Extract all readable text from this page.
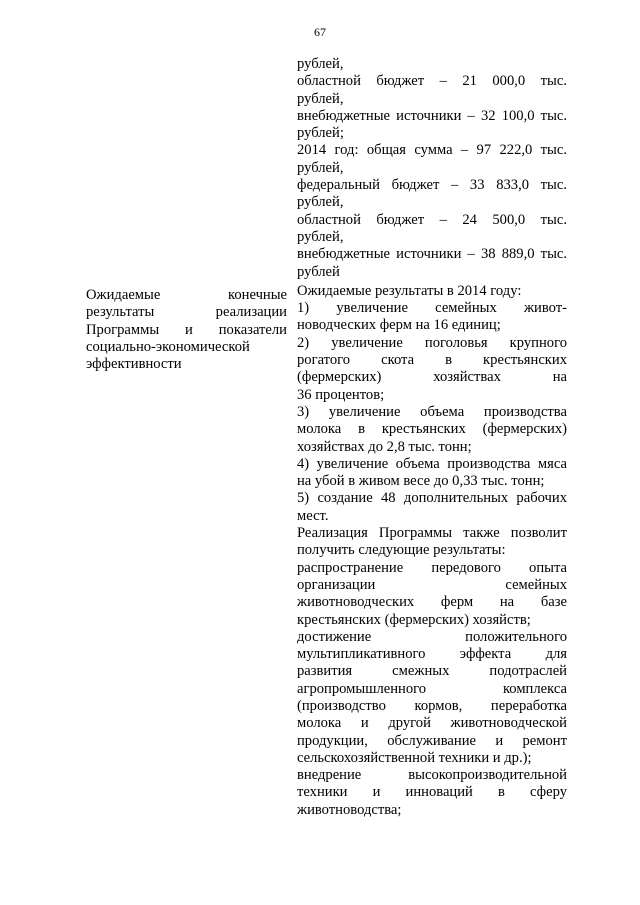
67
Ожидаемые конечные
результаты реализации
Программы и показатели
социально-экономической
эффективности
рублей,
областной бюджет – 21 000,0 тыс.
рублей,
внебюджетные источники – 32 100,0 тыс.
рублей;
2014 год: общая сумма – 97 222,0 тыс.
рублей,
федеральный бюджет – 33 833,0 тыс.
рублей,
областной бюджет – 24 500,0 тыс.
рублей,
внебюджетные источники – 38 889,0 тыс.
рублей
Ожидаемые результаты в 2014 году:
1) увеличение семейных живот-
новодческих ферм на 16 единиц;
2) увеличение поголовья крупного
рогатого скота в крестьянских
(фермерских) хозяйствах на
36 процентов;
3) увеличение объема производства
молока в крестьянских (фермерских)
хозяйствах до 2,8 тыс. тонн;
4) увеличение объема производства мяса
на убой в живом весе до 0,33 тыс. тонн;
5) создание 48 дополнительных рабочих
мест.
Реализация Программы также позволит
получить следующие результаты:
распространение передового опыта
организации семейных
животноводческих ферм на базе
крестьянских (фермерских) хозяйств;
достижение положительного
мультипликативного эффекта для
развития смежных подотраслей
агропромышленного комплекса
(производство кормов, переработка
молока и другой животноводческой
продукции, обслуживание и ремонт
сельскохозяйственной техники и др.);
внедрение высокопроизводительной
техники и инноваций в сферу
животноводства;
